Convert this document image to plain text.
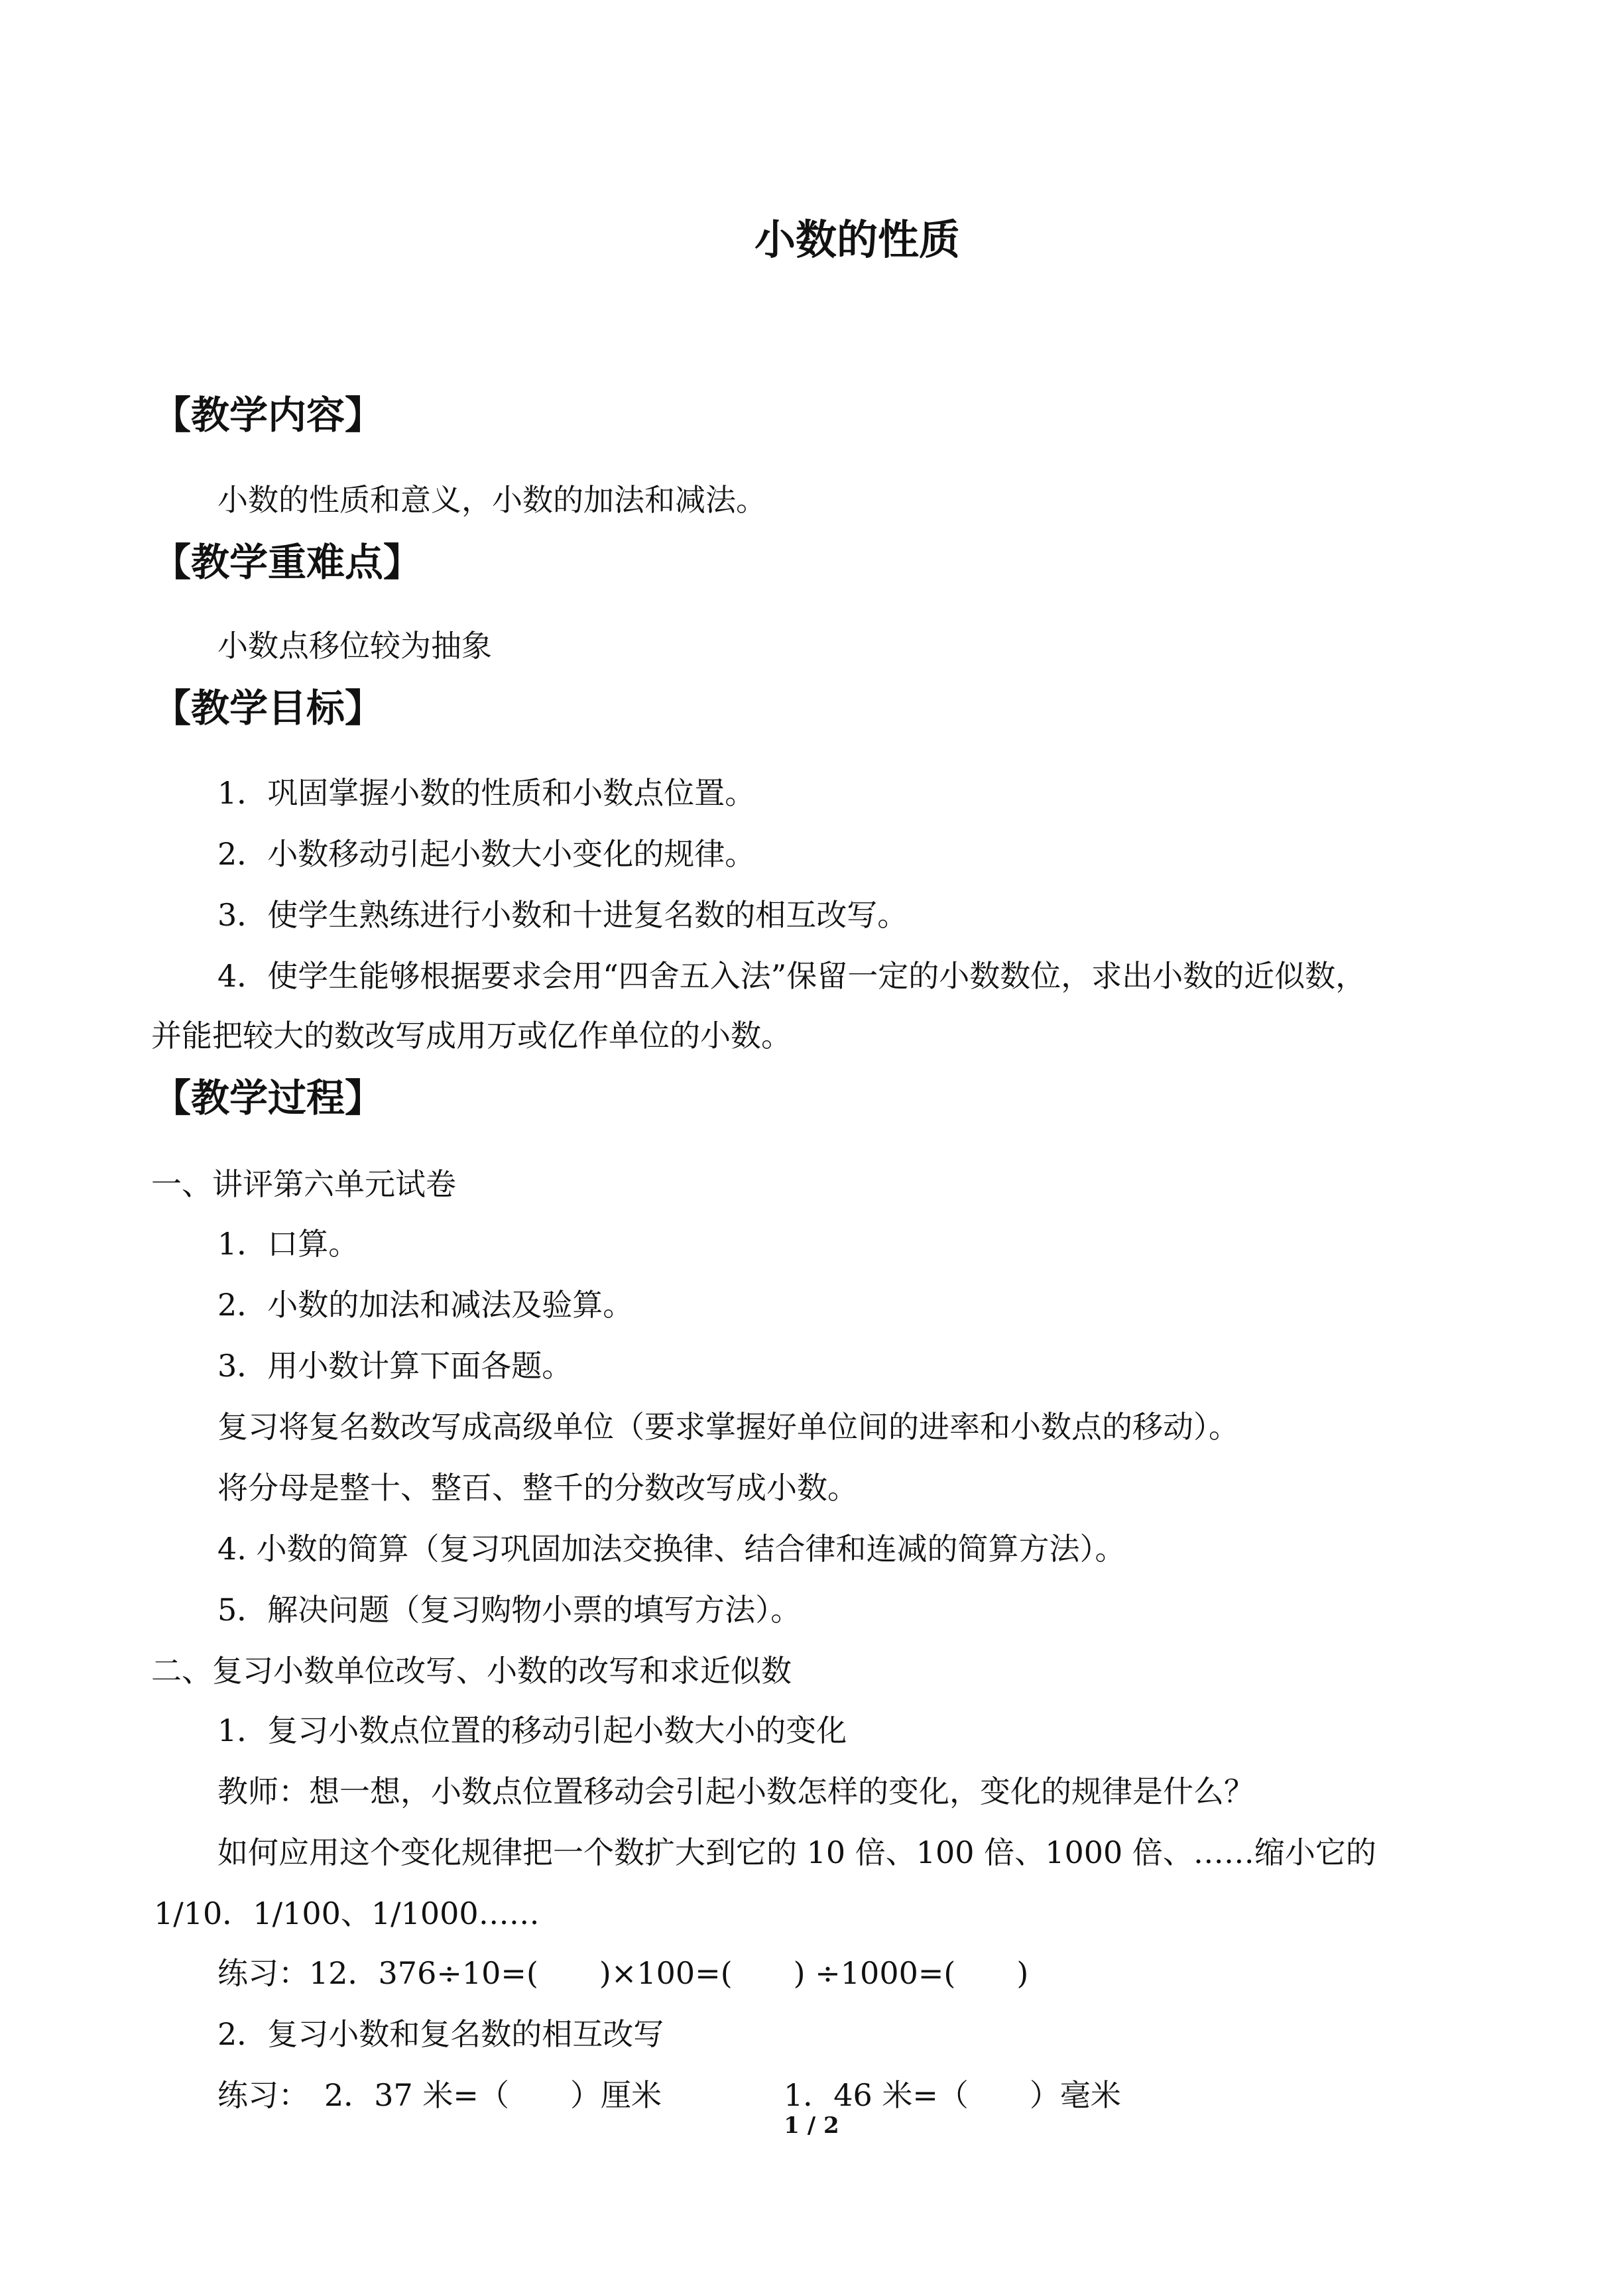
小数的性质
【教学内容】

小数的性质和意义，小数的加法和减法。

【教学重难点】

小数点移位较为抽象

【教学目标】

1．巩固掌握小数的性质和小数点位置。

2．小数移动引起小数大小变化的规律。

3．使学生熟练进行小数和十进复名数的相互改写。

4．使学生能够根据要求会用“四舍五入法”保留一定的小数数位，求出小数的近似数，

并能把较大的数改写成用万或亿作单位的小数。

【教学过程】

一、讲评第六单元试卷

1．口算。

2．小数的加法和减法及验算。

3．用小数计算下面各题。

复习将复名数改写成高级单位（要求掌握好单位间的进率和小数点的移动）。

将分母是整十、整百、整千的分数改写成小数。

4. 小数的简算（复习巩固加法交换律、结合律和连减的简算方法）。

5．解决问题（复习购物小票的填写方法）。

二、复习小数单位改写、小数的改写和求近似数

1．复习小数点位置的移动引起小数大小的变化

教师：想一想，小数点位置移动会引起小数怎样的变化，变化的规律是什么？

如何应用这个变化规律把一个数扩大到它的 10 倍、100 倍、1000 倍、……缩小它的

1/10．1/100、1/1000……

练习：12．376÷10=(　　)×100=(　　) ÷1000=(　　)

2．复习小数和复名数的相互改写

练习：　2．37 米=（　　）厘米　　　　1．46 米=（　　）毫米

1 / 2
